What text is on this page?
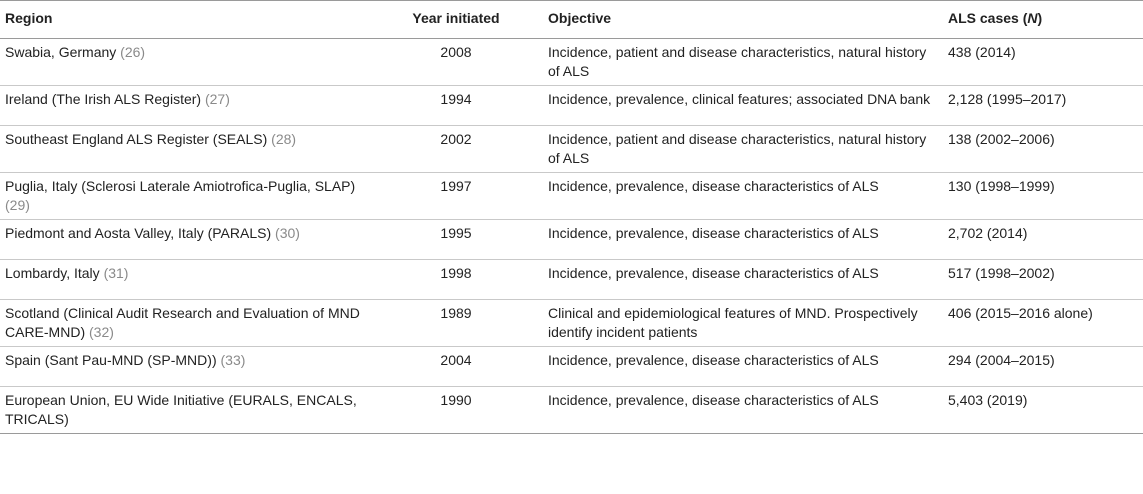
Region	Year initiated	Objective	ALS cases (N)
Swabia, Germany (26)	2008	Incidence, patient and disease characteristics, natural history of ALS	438 (2014)
Ireland (The Irish ALS Register) (27)	1994	Incidence, prevalence, clinical features; associated DNA bank	2,128 (1995–2017)
Southeast England ALS Register (SEALS) (28)	2002	Incidence, patient and disease characteristics, natural history of ALS	138 (2002–2006)
Puglia, Italy (Sclerosi Laterale Amiotrofica-Puglia, SLAP) (29)	1997	Incidence, prevalence, disease characteristics of ALS	130 (1998–1999)
Piedmont and Aosta Valley, Italy (PARALS) (30)	1995	Incidence, prevalence, disease characteristics of ALS	2,702 (2014)
Lombardy, Italy (31)	1998	Incidence, prevalence, disease characteristics of ALS	517 (1998–2002)
Scotland (Clinical Audit Research and Evaluation of MND CARE-MND) (32)	1989	Clinical and epidemiological features of MND. Prospectively identify incident patients	406 (2015–2016 alone)
Spain (Sant Pau-MND (SP-MND)) (33)	2004	Incidence, prevalence, disease characteristics of ALS	294 (2004–2015)
European Union, EU Wide Initiative (EURALS, ENCALS, TRICALS)	1990	Incidence, prevalence, disease characteristics of ALS	5,403 (2019)
